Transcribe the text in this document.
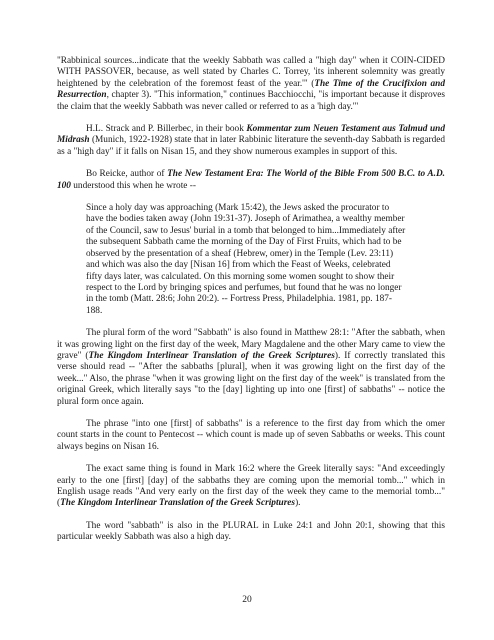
"Rabbinical sources...indicate that the weekly Sabbath was called a "high day" when it COIN-CIDED WITH PASSOVER, because, as well stated by Charles C. Torrey, 'its inherent solemnity was greatly heightened by the celebration of the foremost feast of the year.'" (The Time of the Crucifixion and Resurrection, chapter 3). "This information," continues Bacchiocchi, "is important because it disproves the claim that the weekly Sabbath was never called or referred to as a 'high day.'"

H.L. Strack and P. Billerbec, in their book Kommentar zum Neuen Testament aus Talmud und Midrash (Munich, 1922-1928) state that in later Rabbinic literature the seventh-day Sabbath is regarded as a "high day" if it falls on Nisan 15, and they show numerous examples in support of this.

Bo Reicke, author of The New Testament Era: The World of the Bible From 500 B.C. to A.D. 100 understood this when he wrote --

Since a holy day was approaching (Mark 15:42), the Jews asked the procurator to have the bodies taken away (John 19:31-37). Joseph of Arimathea, a wealthy member of the Council, saw to Jesus' burial in a tomb that belonged to him...Immediately after the subsequent Sabbath came the morning of the Day of First Fruits, which had to be observed by the presentation of a sheaf (Hebrew, omer) in the Temple (Lev. 23:11) and which was also the day [Nisan 16] from which the Feast of Weeks, celebrated fifty days later, was calculated. On this morning some women sought to show their respect to the Lord by bringing spices and perfumes, but found that he was no longer in the tomb (Matt. 28:6; John 20:2). -- Fortress Press, Philadelphia. 1981, pp. 187-188.

The plural form of the word "Sabbath" is also found in Matthew 28:1: "After the sabbath, when it was growing light on the first day of the week, Mary Magdalene and the other Mary came to view the grave" (The Kingdom Interlinear Translation of the Greek Scriptures). If correctly translated this verse should read -- "After the sabbaths [plural], when it was growing light on the first day of the week..." Also, the phrase "when it was growing light on the first day of the week" is translated from the original Greek, which literally says "to the [day] lighting up into one [first] of sabbaths" -- notice the plural form once again.

The phrase "into one [first] of sabbaths" is a reference to the first day from which the omer count starts in the count to Pentecost -- which count is made up of seven Sabbaths or weeks. This count always begins on Nisan 16.

The exact same thing is found in Mark 16:2 where the Greek literally says: "And exceedingly early to the one [first] [day] of the sabbaths they are coming upon the memorial tomb..." which in English usage reads "And very early on the first day of the week they came to the memorial tomb..." (The Kingdom Interlinear Translation of the Greek Scriptures).

The word "sabbath" is also in the PLURAL in Luke 24:1 and John 20:1, showing that this particular weekly Sabbath was also a high day.

20
